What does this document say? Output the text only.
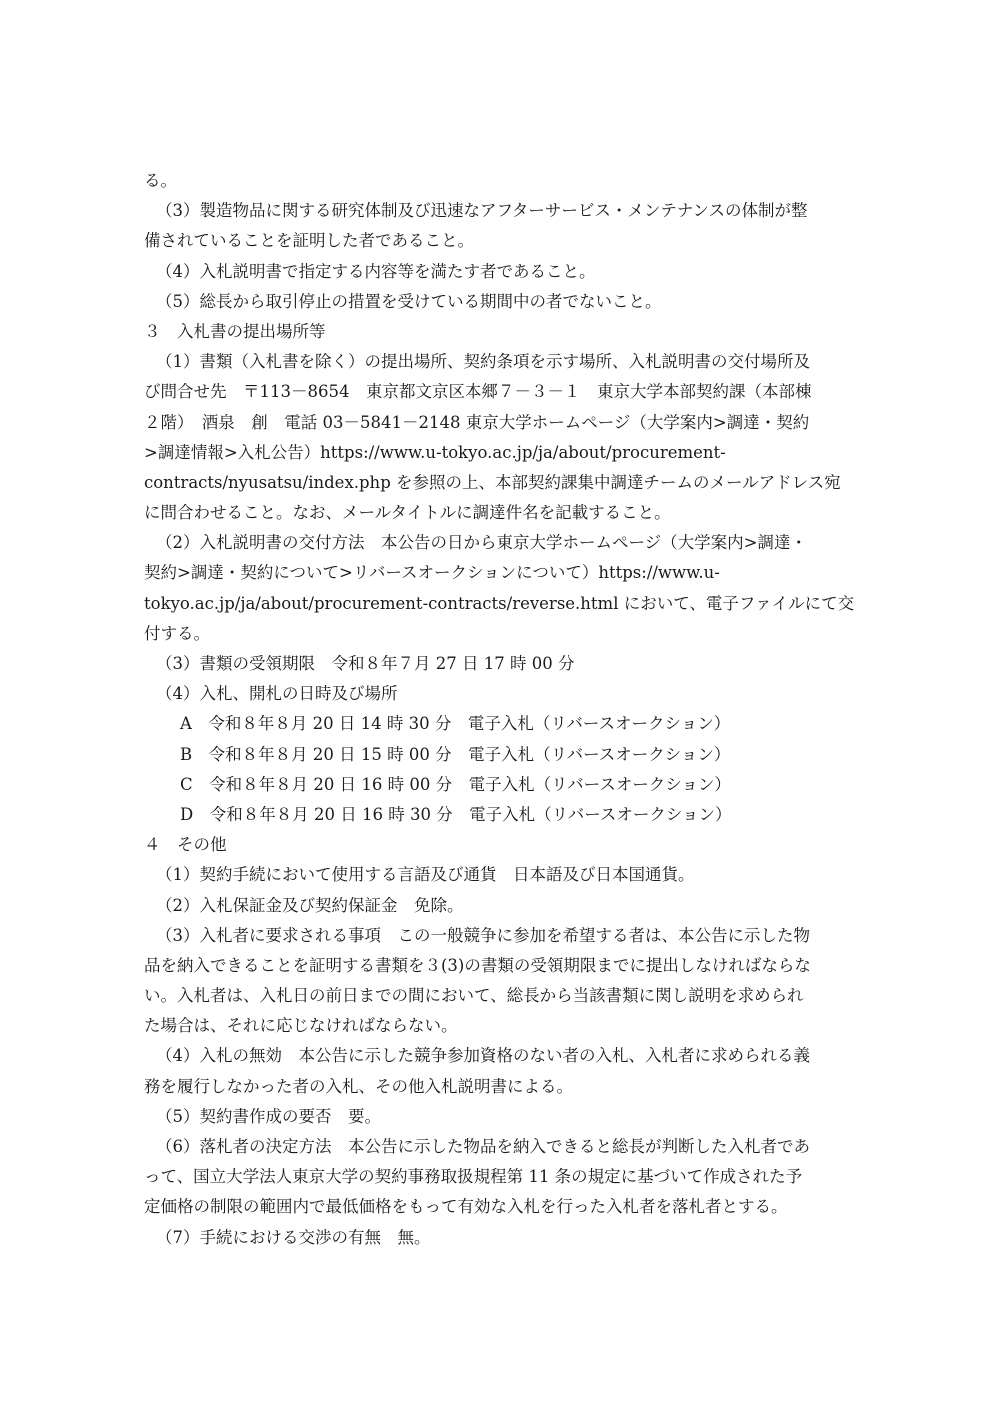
る。
（3）製造物品に関する研究体制及び迅速なアフターサービス・メンテナンスの体制が整
備されていることを証明した者であること。
（4）入札説明書で指定する内容等を満たす者であること。
（5）総長から取引停止の措置を受けている期間中の者でないこと。
３　入札書の提出場所等
（1）書類（入札書を除く）の提出場所、契約条項を示す場所、入札説明書の交付場所及
び問合せ先　〒113－8654　東京都文京区本郷７－３－１　東京大学本部契約課（本部棟
２階）　酒泉　創　電話 03－5841－2148 東京大学ホームページ（大学案内>調達・契約
>調達情報>入札公告）https://www.u-tokyo.ac.jp/ja/about/procurement-
contracts/nyusatsu/index.php を参照の上、本部契約課集中調達チームのメールアドレス宛
に問合わせること。なお、メールタイトルに調達件名を記載すること。
（2）入札説明書の交付方法　本公告の日から東京大学ホームページ（大学案内>調達・
契約>調達・契約について>リバースオークションについて）https://www.u-
tokyo.ac.jp/ja/about/procurement-contracts/reverse.html において、電子ファイルにて交
付する。
（3）書類の受領期限　令和８年７月 27 日 17 時 00 分
（4）入札、開札の日時及び場所
A　令和８年８月 20 日 14 時 30 分　電子入札（リバースオークション）
B　令和８年８月 20 日 15 時 00 分　電子入札（リバースオークション）
C　令和８年８月 20 日 16 時 00 分　電子入札（リバースオークション）
D　令和８年８月 20 日 16 時 30 分　電子入札（リバースオークション）
４　その他
（1）契約手続において使用する言語及び通貨　日本語及び日本国通貨。
（2）入札保証金及び契約保証金　免除。
（3）入札者に要求される事項　この一般競争に参加を希望する者は、本公告に示した物
品を納入できることを証明する書類を３(3)の書類の受領期限までに提出しなければならな
い。入札者は、入札日の前日までの間において、総長から当該書類に関し説明を求められ
た場合は、それに応じなければならない。
（4）入札の無効　本公告に示した競争参加資格のない者の入札、入札者に求められる義
務を履行しなかった者の入札、その他入札説明書による。
（5）契約書作成の要否　要。
（6）落札者の決定方法　本公告に示した物品を納入できると総長が判断した入札者であ
って、国立大学法人東京大学の契約事務取扱規程第 11 条の規定に基づいて作成された予
定価格の制限の範囲内で最低価格をもって有効な入札を行った入札者を落札者とする。
（7）手続における交渉の有無　無。
